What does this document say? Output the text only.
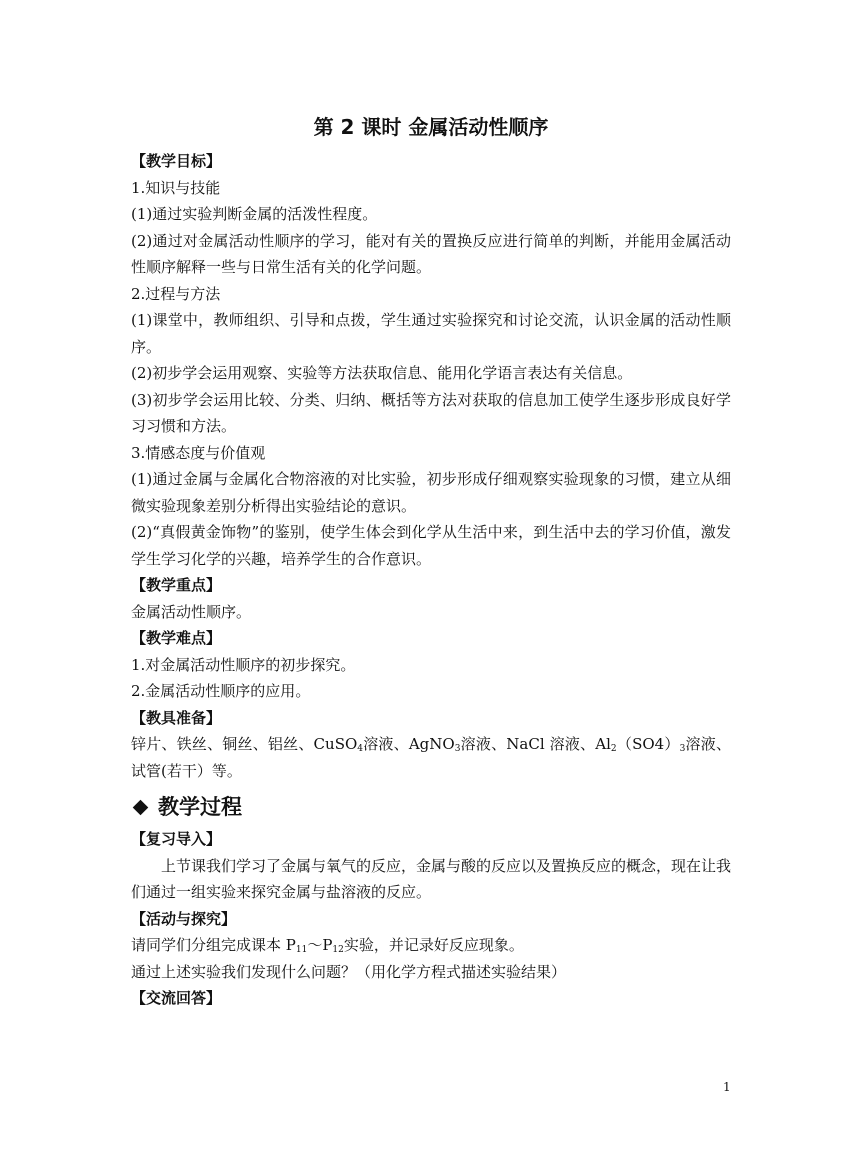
第 2 课时 金属活动性顺序

【教学目标】

1.知识与技能

(1)通过实验判断金属的活泼性程度。

(2)通过对金属活动性顺序的学习，能对有关的置换反应进行简单的判断，并能用金属活动性顺序解释一些与日常生活有关的化学问题。

2.过程与方法

(1)课堂中，教师组织、引导和点拨，学生通过实验探究和讨论交流，认识金属的活动性顺序。

(2)初步学会运用观察、实验等方法获取信息、能用化学语言表达有关信息。

(3)初步学会运用比较、分类、归纳、概括等方法对获取的信息加工使学生逐步形成良好学习习惯和方法。

3.情感态度与价值观

(1)通过金属与金属化合物溶液的对比实验，初步形成仔细观察实验现象的习惯，建立从细微实验现象差别分析得出实验结论的意识。

(2)“真假黄金饰物”的鉴别，使学生体会到化学从生活中来，到生活中去的学习价值，激发学生学习化学的兴趣，培养学生的合作意识。

【教学重点】

金属活动性顺序。

【教学难点】

1.对金属活动性顺序的初步探究。

2.金属活动性顺序的应用。

【教具准备】

锌片、铁丝、铜丝、铝丝、CuSO$_4$溶液、AgNO$_3$溶液、NaCl 溶液、$Al_2(SO4)_3$溶液、试管(若干）等。

教学过程

【复习导入】

上节课我们学习了金属与氧气的反应，金属与酸的反应以及置换反应的概念，现在让我们通过一组实验来探究金属与盐溶液的反应。

【活动与探究】

请同学们分组完成课本 $P_{11}\sim P_{12}$实验，并记录好反应现象。

通过上述实验我们发现什么问题？（用化学方程式描述实验结果）

【交流回答】

1
